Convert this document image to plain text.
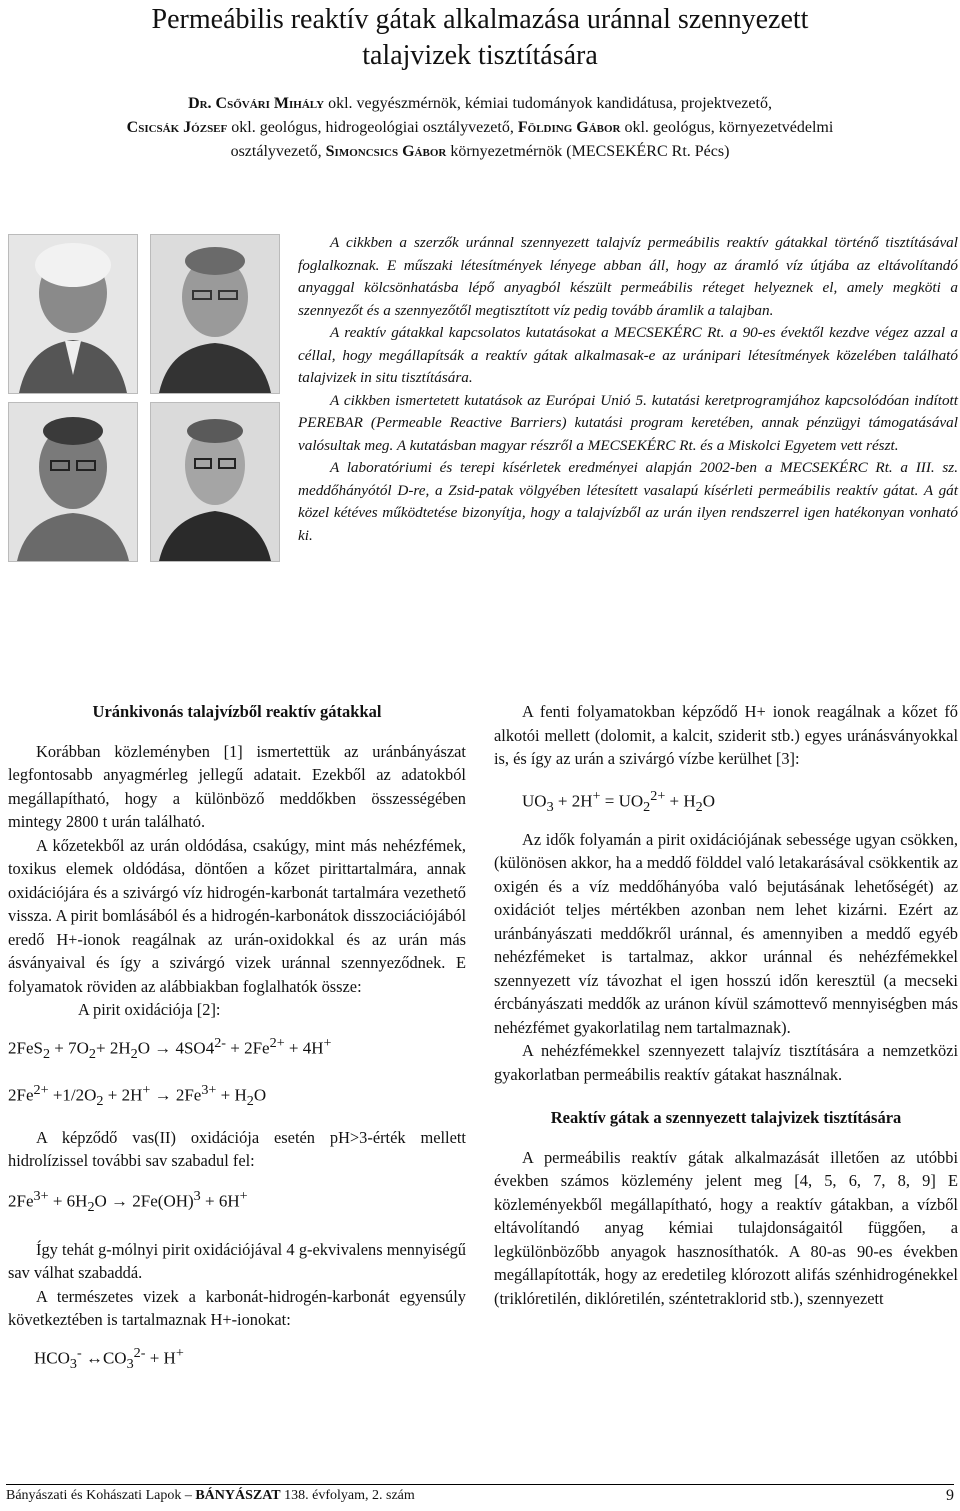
Permeábilis reaktív gátak alkalmazása uránnal szennyezett
talajvizek tisztítására
Dr. Csővári Mihály okl. vegyészmérnök, kémiai tudományok kandidátusa, projektvezető,
Csicsák József okl. geológus, hidrogeológiai osztályvezető, Földing Gábor okl. geológus, környezetvédelmi
osztályvezető, Simoncsics Gábor környezetmérnök (MECSEKÉRC Rt. Pécs)

A cikkben a szerzők uránnal szennyezett talajvíz permeábilis reaktív gátakkal történő tisztításával foglalkoznak. E műszaki létesítmények lényege abban áll, hogy az áramló víz útjába az eltávolítandó anyaggal kölcsönhatásba lépő anyagból készült permeábilis réteget helyeznek el, amely megköti a szennyezőt és a szennyezőtől megtisztított víz pedig tovább áramlik a talajban.

A reaktív gátakkal kapcsolatos kutatásokat a MECSEKÉRC Rt. a 90-es évektől kezdve végez azzal a céllal, hogy megállapítsák a reaktív gátak alkalmasak-e az uránipari létesítmények közelében található talajvizek in situ tisztítására.

A cikkben ismertetett kutatások az Európai Unió 5. kutatási keretprogramjához kapcsolódóan indított PEREBAR (Permeable Reactive Barriers) kutatási program keretében, annak pénzügyi támogatásával valósultak meg. A kutatásban magyar részről a MECSEKÉRC Rt. és a Miskolci Egyetem vett részt.

A laboratóriumi és terepi kísérletek eredményei alapján 2002-ben a MECSEKÉRC Rt. a III. sz. meddőhányótól D-re, a Zsid-patak völgyében létesített vasalapú kísérleti permeábilis reaktív gátat. A gát közel kétéves működtetése bizonyítja, hogy a talajvízből az urán ilyen rendszerrel igen hatékonyan vonható ki.

Uránkivonás talajvízből reaktív gátakkal

Korábban közleményben [1] ismertettük az uránbányászat legfontosabb anyagmérleg jellegű adatait. Ezekből az adatokból megállapítható, hogy a különböző meddőkben összességében mintegy 2800 t urán található.

A kőzetekből az urán oldódása, csakúgy, mint más nehézfémek, toxikus elemek oldódása, döntően a kőzet pirittartalmára, annak oxidációjára és a szivárgó víz hidrogén-karbonát tartalmára vezethető vissza. A pirit bomlásából és a hidrogén-karbonátok disszociációjából eredő H+-ionok reagálnak az urán-oxidokkal és az urán más ásványaival és így a szivárgó vizek uránnal szennyeződnek. E folyamatok röviden az alábbiakban foglalhatók össze:

A pirit oxidációja [2]:

$2FeS_2 + 7O_2+ 2H_2O \to 4SO4^{2-} + 2Fe^{2+} + 4H^+$
$2Fe^{2+} +1/2O_2 + 2H^+ \to 2Fe^{3+} + H_2O$

A képződő vas(II) oxidációja esetén pH>3-érték mellett hidrolízissel további sav szabadul fel:

$2Fe^{3+} + 6H_2O \to 2Fe(OH)^3 + 6H^+$

Így tehát g-mólnyi pirit oxidációjával 4 g-ekvivalens mennyiségű sav válhat szabaddá.

A természetes vizek a karbonát-hidrogén-karbonát egyensúly következtében is tartalmaznak H+-ionokat:

$HCO_3^-$ $\leftrightarrow CO_3^{2-} + H^+$

A fenti folyamatokban képződő H+ ionok reagálnak a kőzet fő alkotói mellett (dolomit, a kalcit, sziderit stb.) egyes uránásványokkal is, és így az urán a szivárgó vízbe kerülhet [3]:

$UO_3 + 2H^+ = UO_2^{2+} + H_2O$

Az idők folyamán a pirit oxidációjának sebessége ugyan csökken, (különösen akkor, ha a meddő földdel való letakarásával csökkentik az oxigén és a víz meddőhányóba való bejutásának lehetőségét) az oxidációt teljes mértékben azonban nem lehet kizárni. Ezért az uránbányászati meddőkről uránnal, és amennyiben a meddő egyéb nehézfémeket is tartalmaz, akkor uránnal és nehézfémekkel szennyezett víz távozhat el igen hosszú időn keresztül (a mecseki ércbányászati meddők az uránon kívül számottevő mennyiségben más nehézfémet gyakorlatilag nem tartalmaznak).

A nehézfémekkel szennyezett talajvíz tisztítására a nemzetközi gyakorlatban permeábilis reaktív gátakat használnak.

Reaktív gátak a szennyezett talajvizek tisztítására

A permeábilis reaktív gátak alkalmazását illetően az utóbbi években számos közlemény jelent meg [4, 5, 6, 7, 8, 9] E közleményekből megállapítható, hogy a reaktív gátakban, a vízből eltávolítandó anyag kémiai tulajdonságaitól függően, a legkülönbözőbb anyagok hasznosíthatók. A 80-as 90-es években megállapították, hogy az eredetileg klórozott alifás szénhidrogénekkel (triklóretilén, diklóretilén, széntetraklorid stb.), szennyezett

Bányászati és Kohászati Lapok – BÁNYÁSZAT 138. évfolyam, 2. szám	9
